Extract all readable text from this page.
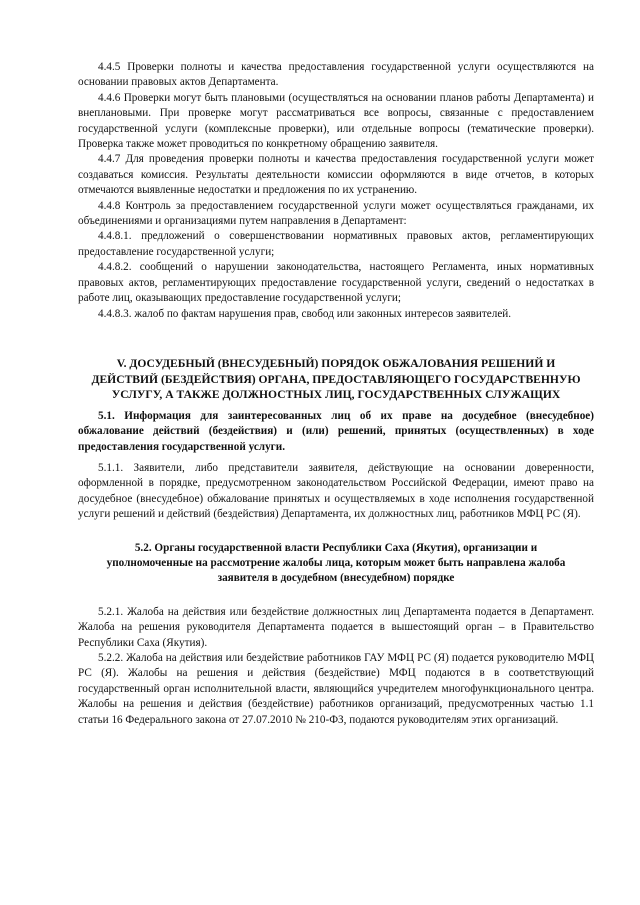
4.4.5 Проверки полноты и качества предоставления государственной услуги осуществляются на основании правовых актов Департамента.

4.4.6 Проверки могут быть плановыми (осуществляться на основании планов работы Департамента) и внеплановыми. При проверке могут рассматриваться все вопросы, связанные с предоставлением государственной услуги (комплексные проверки), или отдельные вопросы (тематические проверки). Проверка также может проводиться по конкретному обращению заявителя.

4.4.7 Для проведения проверки полноты и качества предоставления государственной услуги может создаваться комиссия. Результаты деятельности комиссии оформляются в виде отчетов, в которых отмечаются выявленные недостатки и предложения по их устранению.

4.4.8 Контроль за предоставлением государственной услуги может осуществляться гражданами, их объединениями и организациями путем направления в Департамент:

4.4.8.1. предложений о совершенствовании нормативных правовых актов, регламентирующих предоставление государственной услуги;

4.4.8.2. сообщений о нарушении законодательства, настоящего Регламента, иных нормативных правовых актов, регламентирующих предоставление государственной услуги, сведений о недостатках в работе лиц, оказывающих предоставление государственной услуги;

4.4.8.3. жалоб по фактам нарушения прав, свобод или законных интересов заявителей.

V. ДОСУДЕБНЫЙ (ВНЕСУДЕБНЫЙ) ПОРЯДОК ОБЖАЛОВАНИЯ РЕШЕНИЙ И ДЕЙСТВИЙ (БЕЗДЕЙСТВИЯ) ОРГАНА, ПРЕДОСТАВЛЯЮЩЕГО ГОСУДАРСТВЕННУЮ УСЛУГУ, А ТАКЖЕ ДОЛЖНОСТНЫХ ЛИЦ, ГОСУДАРСТВЕННЫХ СЛУЖАЩИХ
5.1. Информация для заинтересованных лиц об их праве на досудебное (внесудебное) обжалование действий (бездействия) и (или) решений, принятых (осуществленных) в ходе предоставления государственной услуги.

5.1.1. Заявители, либо представители заявителя, действующие на основании доверенности, оформленной в порядке, предусмотренном законодательством Российской Федерации, имеют право на досудебное (внесудебное) обжалование принятых и осуществляемых в ходе исполнения государственной услуги решений и действий (бездействия) Департамента, их должностных лиц, работников МФЦ РС (Я).

5.2. Органы государственной власти Республики Саха (Якутия), организации и уполномоченные на рассмотрение жалобы лица, которым может быть направлена жалоба заявителя в досудебном (внесудебном) порядке

5.2.1. Жалоба на действия или бездействие должностных лиц Департамента подается в Департамент. Жалоба на решения руководителя Департамента подается в вышестоящий орган – в Правительство Республики Саха (Якутия).

5.2.2. Жалоба на действия или бездействие работников ГАУ МФЦ РС (Я) подается руководителю МФЦ РС (Я). Жалобы на решения и действия (бездействие) МФЦ подаются в в соответствующий государственный орган исполнительной власти, являющийся учредителем многофункционального центра. Жалобы на решения и действия (бездействие) работников организаций, предусмотренных частью 1.1 статьи 16 Федерального закона от 27.07.2010 № 210-ФЗ, подаются руководителям этих организаций.
